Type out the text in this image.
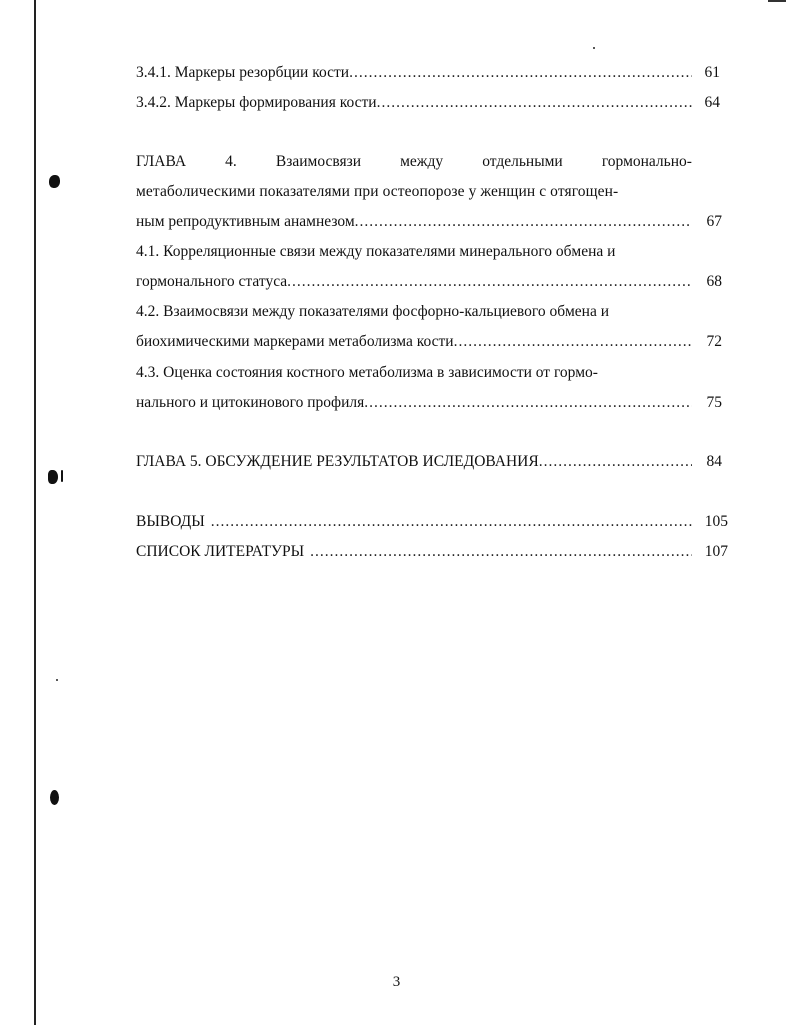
3.4.1. Маркеры резорбции кости .....	61
3.4.2. Маркеры формирования кости .....	64
ГЛАВА	4.	Взаимосвязи	между	отдельными	гормонально-
метаболическими показателями при остеопорозе у женщин с отягощен-
ным репродуктивным анамнезом .....	67
4.1. Корреляционные связи между показателями минерального обмена и
гормонального статуса .....	68
4.2. Взаимосвязи между показателями фосфорно-кальциевого обмена и
биохимическими маркерами метаболизма кости .....	72
4.3. Оценка состояния костного метаболизма в зависимости от гормо-
нального и цитокинового профиля .....	75
ГЛАВА 5. ОБСУЖДЕНИЕ РЕЗУЛЬТАТОВ ИСЛЕДОВАНИЯ .....	84
ВЫВОДЫ .....	105
СПИСОК ЛИТЕРАТУРЫ .....	107
3
